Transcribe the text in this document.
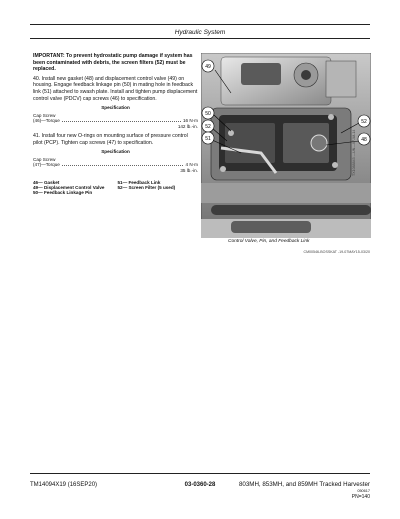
Hydraulic System

IMPORTANT: To prevent hydrostatic pump damage if system has been contaminated with debris, the screen filters (52) must be replaced.

40. Install new gasket (48) and displacement control valve (49) on housing. Engage feedback linkage pin (50) in mating hole in feedback link (51) attached to swash plate. Install and tighten pump displacement control valve (PDCV) cap screws (46) to specification.

Specification
Cap Screw
(46)—Torque	16 N·m
142 lb.-in.

41. Install four new O-rings on mounting surface of pressure control pilot (PCP). Tighten cap screws (47) to specification.

Specification
Cap Screw
(47)—Torque	4 N·m
35 lb.-in.
46— Gasket	51— Feedback Link
49— Displacement Control Valve	52— Screen Filter (5 used)
50— Feedback Linkage Pin
49
50
52
52
51	48
TX1088843 —UN—07JUL14
Control Valve, Pin, and Feedback Link
CM00546-BOSSKAT -19-07MAY15-03/20
TM14094X19 (16SEP20)	03-0360-28	803MH, 853MH, and 859MH Tracked Harvester
050617
PN=140
